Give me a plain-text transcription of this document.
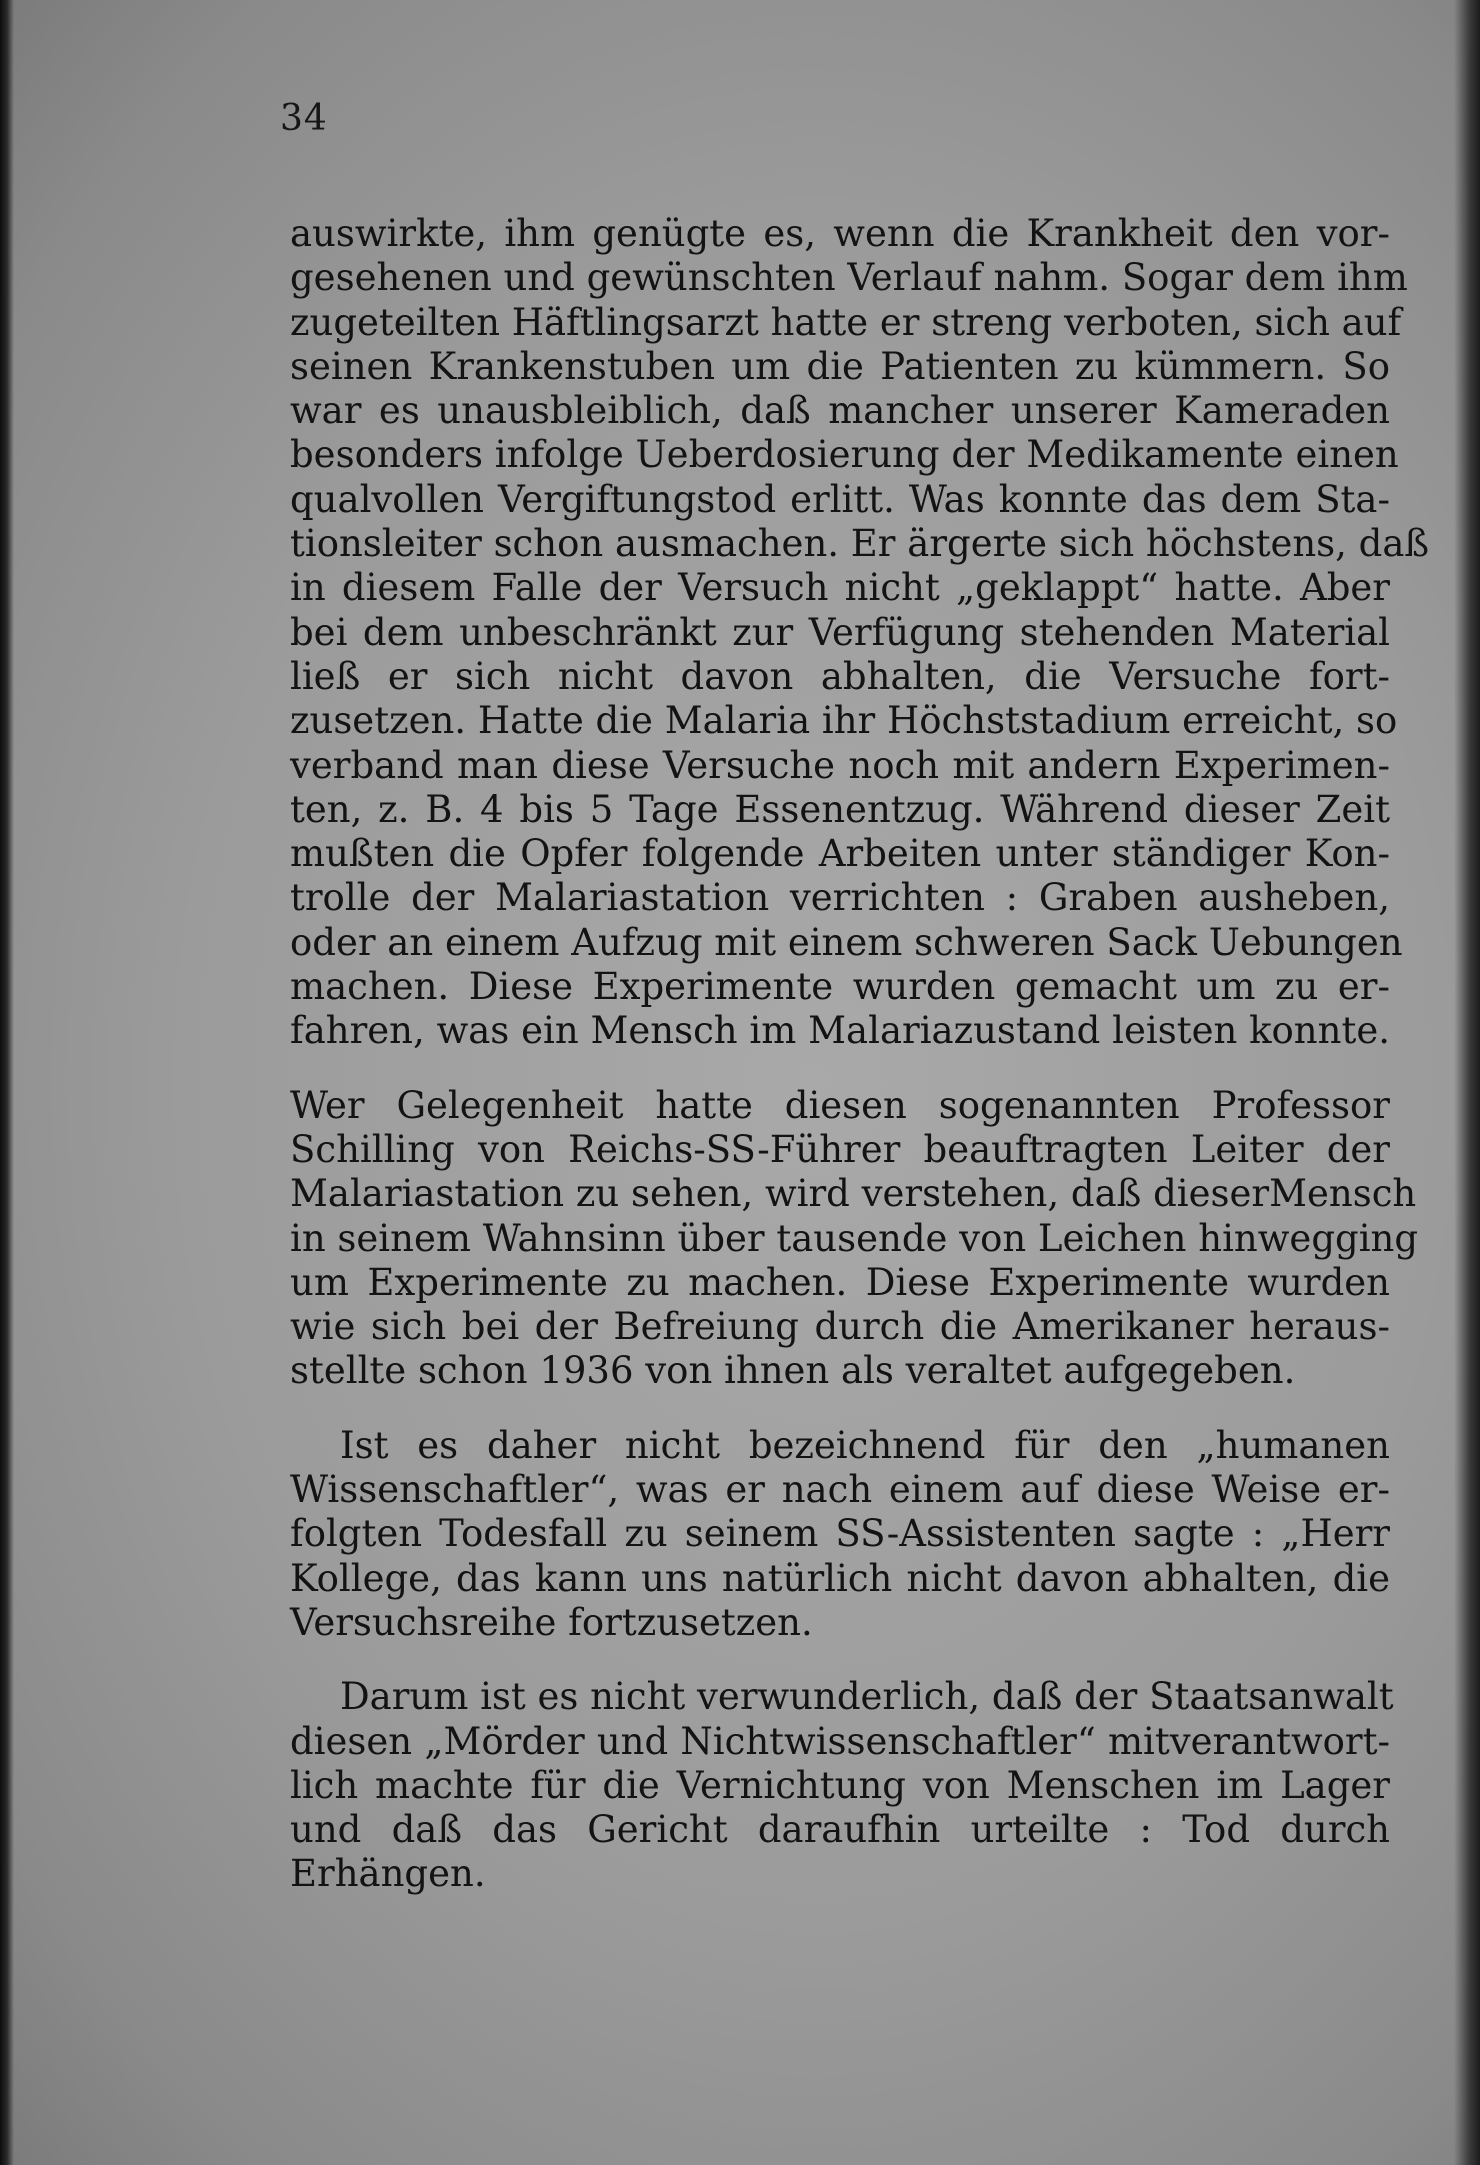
34
auswirkte, ihm genügte es, wenn die Krankheit den vor-
gesehenen und gewünschten Verlauf nahm. Sogar dem ihm
zugeteilten Häftlingsarzt hatte er streng verboten, sich auf
seinen Krankenstuben um die Patienten zu kümmern. So
war es unausbleiblich, daß mancher unserer Kameraden
besonders infolge Ueberdosierung der Medikamente einen
qualvollen Vergiftungstod erlitt. Was konnte das dem Sta-
tionsleiter schon ausmachen. Er ärgerte sich höchstens, daß
in diesem Falle der Versuch nicht „geklappt“ hatte. Aber
bei dem unbeschränkt zur Verfügung stehenden Material
ließ er sich nicht davon abhalten, die Versuche fort-
zusetzen. Hatte die Malaria ihr Höchststadium erreicht, so
verband man diese Versuche noch mit andern Experimen-
ten, z. B. 4 bis 5 Tage Essenentzug. Während dieser Zeit
mußten die Opfer folgende Arbeiten unter ständiger Kon-
trolle der Malariastation verrichten : Graben ausheben,
oder an einem Aufzug mit einem schweren Sack Uebungen
machen. Diese Experimente wurden gemacht um zu er-
fahren, was ein Mensch im Malariazustand leisten konnte.
Wer Gelegenheit hatte diesen sogenannten Professor
Schilling von Reichs-SS-Führer beauftragten Leiter der
Malariastation zu sehen, wird verstehen, daß dieserMensch
in seinem Wahnsinn über tausende von Leichen hinwegging
um Experimente zu machen. Diese Experimente wurden
wie sich bei der Befreiung durch die Amerikaner heraus-
stellte schon 1936 von ihnen als veraltet aufgegeben.
Ist es daher nicht bezeichnend für den „humanen
Wissenschaftler“, was er nach einem auf diese Weise er-
folgten Todesfall zu seinem SS-Assistenten sagte : „Herr
Kollege, das kann uns natürlich nicht davon abhalten, die
Versuchsreihe fortzusetzen.
Darum ist es nicht verwunderlich, daß der Staatsanwalt
diesen „Mörder und Nichtwissenschaftler“ mitverantwort-
lich machte für die Vernichtung von Menschen im Lager
und daß das Gericht daraufhin urteilte : Tod durch
Erhängen.
